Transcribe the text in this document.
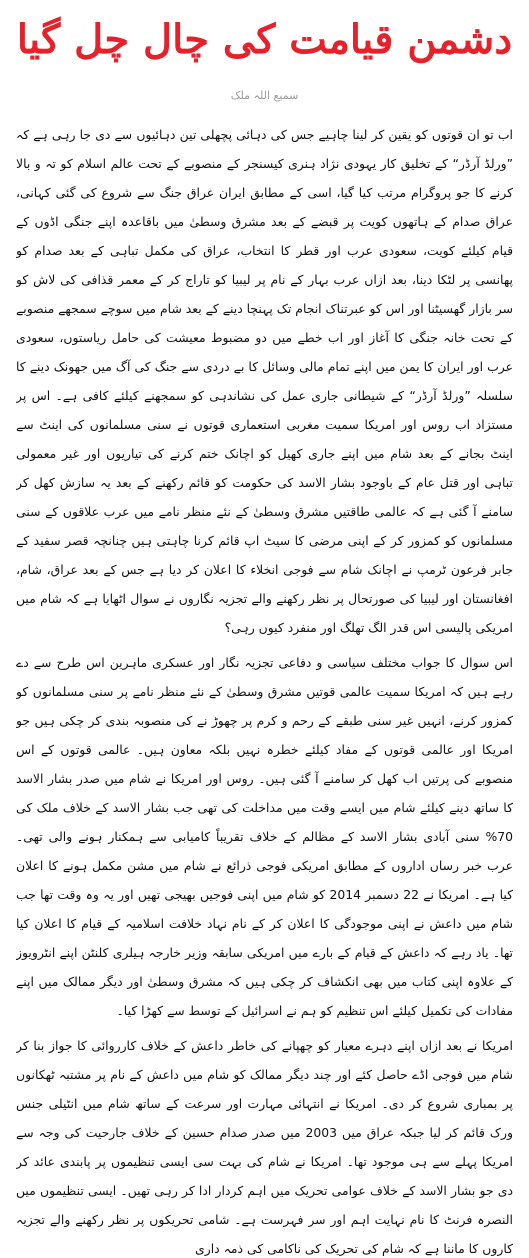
دشمن قیامت کی چال چل گیا
سمیع اللہ ملک

اب تو ان قوتوں کو یقین کر لینا چاہیے جس کی دہائی پچھلی تین دہائیوں سے دی جا رہی ہے کہ ”ورلڈ آرڈر“ کے تخلیق کار یہودی نژاد ہنری کیسنجر کے منصوبے کے تحت عالم اسلام کو تہ و بالا کرنے کا جو پروگرام مرتب کیا گیا، اسی کے مطابق ایران عراق جنگ سے شروع کی گئی کہانی، عراق صدام کے ہاتھوں کویت پر قبضے کے بعد مشرق وسطیٰ میں باقاعدہ اپنے جنگی اڈوں کے قیام کیلئے کویت، سعودی عرب اور قطر کا انتخاب، عراق کی مکمل تباہی کے بعد صدام کو پھانسی پر لٹکا دینا، بعد ازاں عرب بہار کے نام پر لیبیا کو تاراج کر کے معمر قذافی کی لاش کو سر بازار گھسیٹنا اور اس کو عبرتناک انجام تک پہنچا دینے کے بعد شام میں سوچے سمجھے منصوبے کے تحت خانہ جنگی کا آغاز اور اب خطے میں دو مضبوط معیشت کی حامل ریاستوں، سعودی عرب اور ایران کا یمن میں اپنے تمام مالی وسائل کا بے دردی سے جنگ کی آگ میں جھونک دینے کا سلسلہ ”ورلڈ آرڈر“ کے شیطانی جاری عمل کی نشاندہی کو سمجھنے کیلئے کافی ہے۔ اس پر مستزاد اب روس اور امریکا سمیت مغربی استعماری قوتوں نے سنی مسلمانوں کی اینٹ سے اینٹ بجانے کے بعد شام میں اپنے جاری کھیل کو اچانک ختم کرنے کی تیاریوں اور غیر معمولی تباہی اور قتل عام کے باوجود بشار الاسد کی حکومت کو قائم رکھنے کے بعد یہ سازش کھل کر سامنے آ گئی ہے کہ عالمی طاقتیں مشرق وسطیٰ کے نئے منظر نامے میں عرب علاقوں کے سنی مسلمانوں کو کمزور کر کے اپنی مرضی کا سیٹ اپ قائم کرنا چاہتی ہیں چنانچہ قصر سفید کے جابر فرعون ٹرمپ نے اچانک شام سے فوجی انخلاء کا اعلان کر دیا ہے جس کے بعد عراق، شام، افغانستان اور لیبیا کی صورتحال پر نظر رکھنے والے تجزیہ نگاروں نے سوال اٹھایا ہے کہ شام میں امریکی پالیسی اس قدر الگ تھلگ اور منفرد کیوں رہی؟

اس سوال کا جواب مختلف سیاسی و دفاعی تجزیہ نگار اور عسکری ماہرین اس طرح سے دے رہے ہیں کہ امریکا سمیت عالمی قوتیں مشرق وسطیٰ کے نئے منظر نامے پر سنی مسلمانوں کو کمزور کرنے، انہیں غیر سنی طبقے کے رحم و کرم پر چھوڑ نے کی منصوبہ بندی کر چکی ہیں جو امریکا اور عالمی قوتوں کے مفاد کیلئے خطرہ نہیں بلکہ معاون ہیں۔ عالمی قوتوں کے اس منصوبے کی پرتیں اب کھل کر سامنے آ گئی ہیں۔ روس اور امریکا نے شام میں صدر بشار الاسد کا ساتھ دینے کیلئے شام میں ایسے وقت میں مداخلت کی تھی جب بشار الاسد کے خلاف ملک کی 70% سنی آبادی بشار الاسد کے مظالم کے خلاف تقریباً کامیابی سے ہمکنار ہونے والی تھی۔ عرب خبر رساں اداروں کے مطابق امریکی فوجی ذرائع نے شام میں مشن مکمل ہونے کا اعلان کیا ہے۔ امریکا نے 22 دسمبر 2014 کو شام میں اپنی فوجیں بھیجی تھیں اور یہ وہ وقت تھا جب شام میں داعش نے اپنی موجودگی کا اعلان کر کے نام نہاد خلافت اسلامیہ کے قیام کا اعلان کیا تھا۔ یاد رہے کہ داعش کے قیام کے بارے میں امریکی سابقہ وزیر خارجہ ہیلری کلنٹن اپنے انٹرویوز کے علاوہ اپنی کتاب میں بھی انکشاف کر چکی ہیں کہ مشرق وسطیٰ اور دیگر ممالک میں اپنے مفادات کی تکمیل کیلئے اس تنظیم کو ہم نے اسرائیل کے توسط سے کھڑا کیا۔

امریکا نے بعد ازاں اپنے دہرے معیار کو چھپانے کی خاطر داعش کے خلاف کارروائی کا جواز بنا کر شام میں فوجی اڈے حاصل کئے اور چند دیگر ممالک کو شام میں داعش کے نام پر مشتبہ ٹھکانوں پر بمباری شروع کر دی۔ امریکا نے انتہائی مہارت اور سرعت کے ساتھ شام میں انٹیلی جنس ورک قائم کر لیا جبکہ عراق میں 2003 میں صدر صدام حسین کے خلاف جارحیت کی وجہ سے امریکا پہلے سے ہی موجود تھا۔ امریکا نے شام کی بہت سی ایسی تنظیموں پر پابندی عائد کر دی جو بشار الاسد کے خلاف عوامی تحریک میں اہم کردار ادا کر رہی تھیں۔ ایسی تنظیموں میں النصرہ فرنٹ کا نام نہایت اہم اور سر فہرست ہے۔ شامی تحریکوں پر نظر رکھنے والے تجزیہ کاروں کا ماننا ہے کہ شام کی تحریک کی ناکامی کی ذمہ داری
